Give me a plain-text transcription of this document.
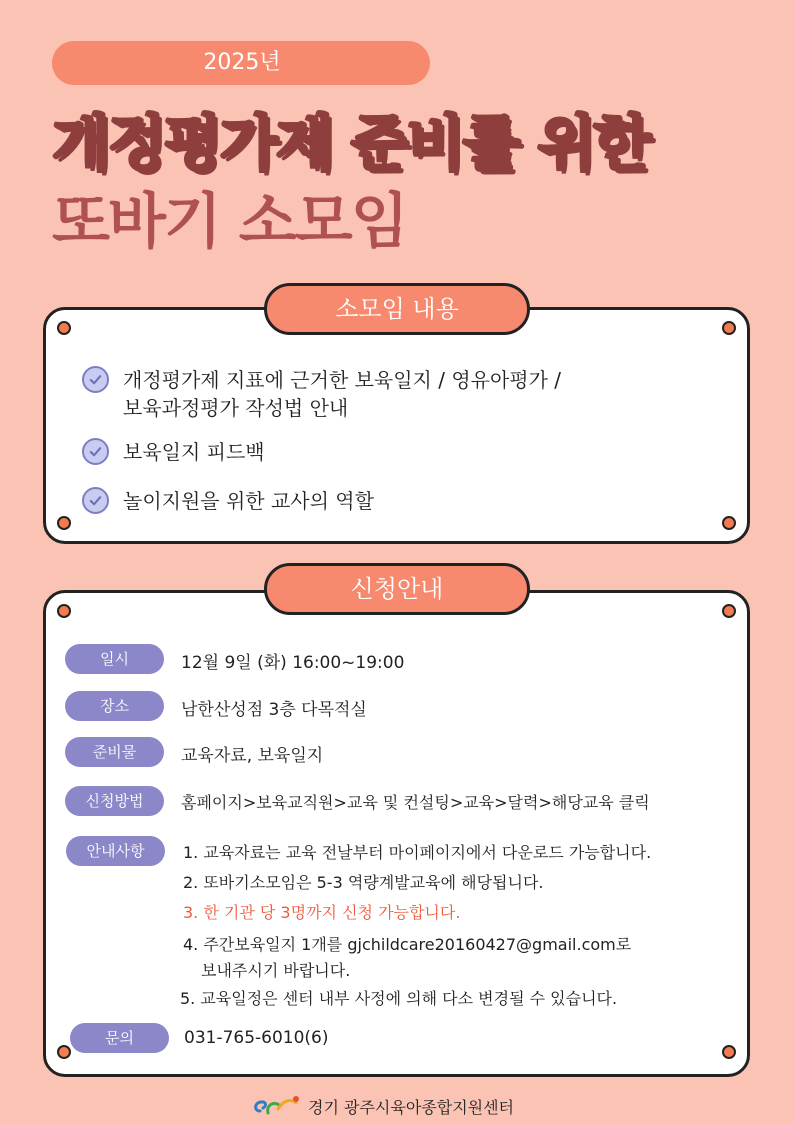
2025년
개정평가제 준비를 위한
또바기 소모임
소모임 내용
개정평가제 지표에 근거한 보육일지 / 영유아평가 /
보육과정평가 작성법 안내
보육일지 피드백
놀이지원을 위한 교사의 역할
신청안내
일시	12월 9일 (화) 16:00~19:00
장소	남한산성점 3층 다목적실
준비물	교육자료, 보육일지
신청방법	홈페이지>보육교직원>교육 및 컨설팅>교육>달력>해당교육 클릭
안내사항	1. 교육자료는 교육 전날부터 마이페이지에서 다운로드 가능합니다.
2. 또바기소모임은 5-3 역량계발교육에 해당됩니다.
3. 한 기관 당 3명까지 신청 가능합니다.
4. 주간보육일지 1개를 gjchildcare20160427@gmail.com로
보내주시기 바랍니다.
5. 교육일정은 센터 내부 사정에 의해 다소 변경될 수 있습니다.
문의	031-765-6010(6)
경기 광주시육아종합지원센터
